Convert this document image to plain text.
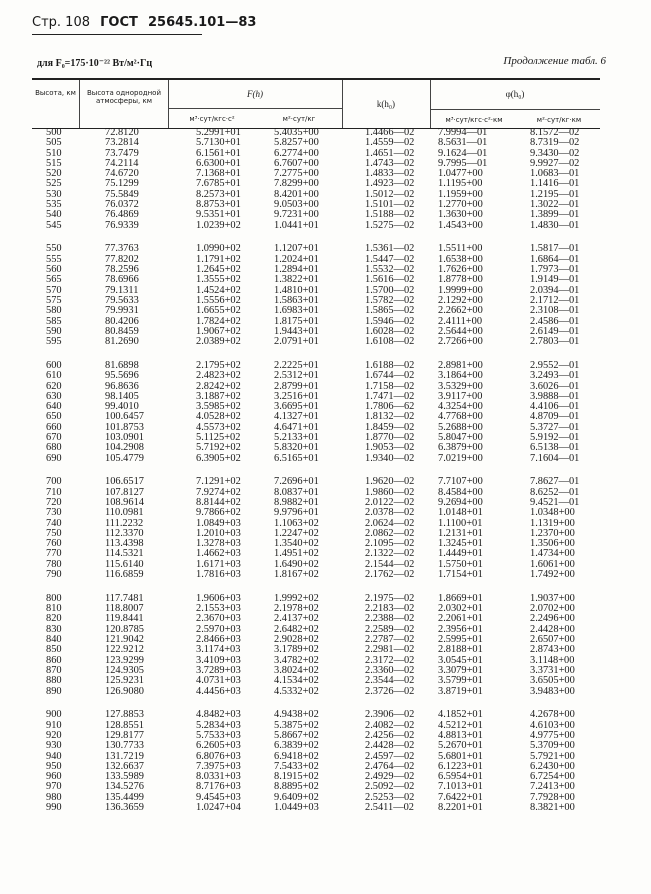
Стр. 108 ГОСТ 25645.101—83
для F₀=175·10⁻²² Вт/м²·Гц	Продолжение табл. 6
Высота, км	Высота однородной атмосферы, км
F(h)
м³·сут/кгс·с²	м²·сут/кг
k(h₀)
φ(h₀)
м³·сут/кгс·с²·км	м²·сут/кг·км
500	72.8120	5.2991+01	5.4035+00	1.4466—02 7.9994—01	8.1572—02
505	73.2814	5.7130+01	5.8257+00	1.4559—02 8.5631—01	8.7319—02
510	73.7479	6.1561+01	6.2774+00	1.4651—02 9.1624—01	9.3430—02
515	74.2114	6.6300+01	6.7607+00	1.4743—02 9.7995—01	9.9927—02
520	74.6720	7.1368+01	7.2775+00	1.4833—02 1.0477+00	1.0683—01
525	75.1299	7.6785+01	7.8299+00	1.4923—02 1.1195+00	1.1416—01
530	75.5849	8.2573+01	8.4201+00	1.5012—02 1.1959+00	1.2195—01
535	76.0372	8.8753+01	9.0503+00	1.5101—02 1.2770+00	1.3022—01
540	76.4869	9.5351+01	9.7231+00	1.5188—02 1.3630+00	1.3899—01
545	76.9339	1.0239+02	1.0441+01	1.5275—02 1.4543+00	1.4830—01
550	77.3763	1.0990+02	1.1207+01	1.5361—02 1.5511+00	1.5817—01
555	77.8202	1.1791+02	1.2024+01	1.5447—02 1.6538+00	1.6864—01
560	78.2596	1.2645+02	1.2894+01	1.5532—02 1.7626+00	1.7973—01
565	78.6966	1.3555+02	1.3822+01	1.5616—02 1.8778+00	1.9149—01
570	79.1311	1.4524+02	1.4810+01	1.5700—02 1.9999+00	2.0394—01
575	79.5633	1.5556+02	1.5863+01	1.5782—02 2.1292+00	2.1712—01
580	79.9931	1.6655+02	1.6983+01	1.5865—02 2.2662+00	2.3108—01
585	80.4206	1.7824+02	1.8175+01	1.5946—02 2.4111+00	2.4586—01
590	80.8459	1.9067+02	1.9443+01	1.6028—02 2.5644+00	2.6149—01
595	81.2690	2.0389+02	2.0791+01	1.6108—02 2.7266+00	2.7803—01
600	81.6898	2.1795+02	2.2225+01	1.6188—02 2.8981+00	2.9552—01
610	95.5696	2.4823+02	2.5312+01	1.6744—02 3.1864+00	3.2493—01
620	96.8636	2.8242+02	2.8799+01	1.7158—02 3.5329+00	3.6026—01
630	98.1405	3.1887+02	3.2516+01	1.7471—02 3.9117+00	3.9888—01
640	99.4010	3.5985+02	3.6695+01	1.7806—62 4.3254+00	4.4106—01
650	100.6457	4.0528+02	4.1327+01	1.8132—02 4.7768+00	4.8709—01
660	101.8753	4.5573+02	4.6471+01	1.8459—02 5.2688+00	5.3727—01
670	103.0901	5.1125+02	5.2133+01	1.8770—02 5.8047+00	5.9192—01
680	104.2908	5.7192+02	5.8320+01	1.9053—02 6.3879+00	6.5138—01
690	105.4779	6.3905+02	6.5165+01	1.9340—02 7.0219+00	7.1604—01
700	106.6517	7.1291+02	7.2696+01	1.9620—02 7.7107+00	7.8627—01
710	107.8127	7.9274+02	8.0837+01	1.9860—02 8.4584+00	8.6252—01
720	108.9614	8.8144+02	8.9882+01	2.0122—02 9.2694+00	9.4521—01
730	110.0981	9.7866+02	9.9796+01	2.0378—02 1.0148+01	1.0348+00
740	111.2232	1.0849+03	1.1063+02	2.0624—02 1.1100+01	1.1319+00
750	112.3370	1.2010+03	1.2247+02	2.0862—02 1.2131+01	1.2370+00
760	113.4398	1.3278+03	1.3540+02	2.1095—02 1.3245+01	1.3506+00
770	114.5321	1.4662+03	1.4951+02	2.1322—02 1.4449+01	1.4734+00
780	115.6140	1.6171+03	1.6490+02	2.1544—02 1.5750+01	1.6061+00
790	116.6859	1.7816+03	1.8167+02	2.1762—02 1.7154+01	1.7492+00
800	117.7481	1.9606+03	1.9992+02	2.1975—02 1.8669+01	1.9037+00
810	118.8007	2.1553+03	2.1978+02	2.2183—02 2.0302+01	2.0702+00
820	119.8441	2.3670+03	2.4137+02	2.2388—02 2.2061+01	2.2496+00
830	120.8785	2.5970+03	2.6482+02	2.2589—02 2.3956+01	2.4428+00
840	121.9042	2.8466+03	2.9028+02	2.2787—02 2.5995+01	2.6507+00
850	122.9212	3.1174+03	3.1789+02	2.2981—02 2.8188+01	2.8743+00
860	123.9299	3.4109+03	3.4782+02	2.3172—02 3.0545+01	3.1148+00
870	124.9305	3.7289+03	3.8024+02	2.3360—02 3.3079+01	3.3731+00
880	125.9231	4.0731+03	4.1534+02	2.3544—02 3.5799+01	3.6505+00
890	126.9080	4.4456+03	4.5332+02	2.3726—02 3.8719+01	3.9483+00
900	127.8853	4.8482+03	4.9438+02	2.3906—02 4.1852+01	4.2678+00
910	128.8551	5.2834+03	5.3875+02	2.4082—02 4.5212+01	4.6103+00
920	129.8177	5.7533+03	5.8667+02	2.4256—02 4.8813+01	4.9775+00
930	130.7733	6.2605+03	6.3839+02	2.4428—02 5.2670+01	5.3709+00
940	131.7219	6.8076+03	6.9418+02	2.4597—02 5.6801+01	5.7921+00
950	132.6637	7.3975+03	7.5433+02	2.4764—02 6.1223+01	6.2430+00
960	133.5989	8.0331+03	8.1915+02	2.4929—02 6.5954+01	6.7254+00
970	134.5276	8.7176+03	8.8895+02	2.5092—02 7.1013+01	7.2413+00
980	135.4499	9.4545+03	9.6409+02	2.5253—02 7.6422+01	7.7928+00
990	136.3659	1.0247+04	1.0449+03	2.5411—02 8.2201+01	8.3821+00
